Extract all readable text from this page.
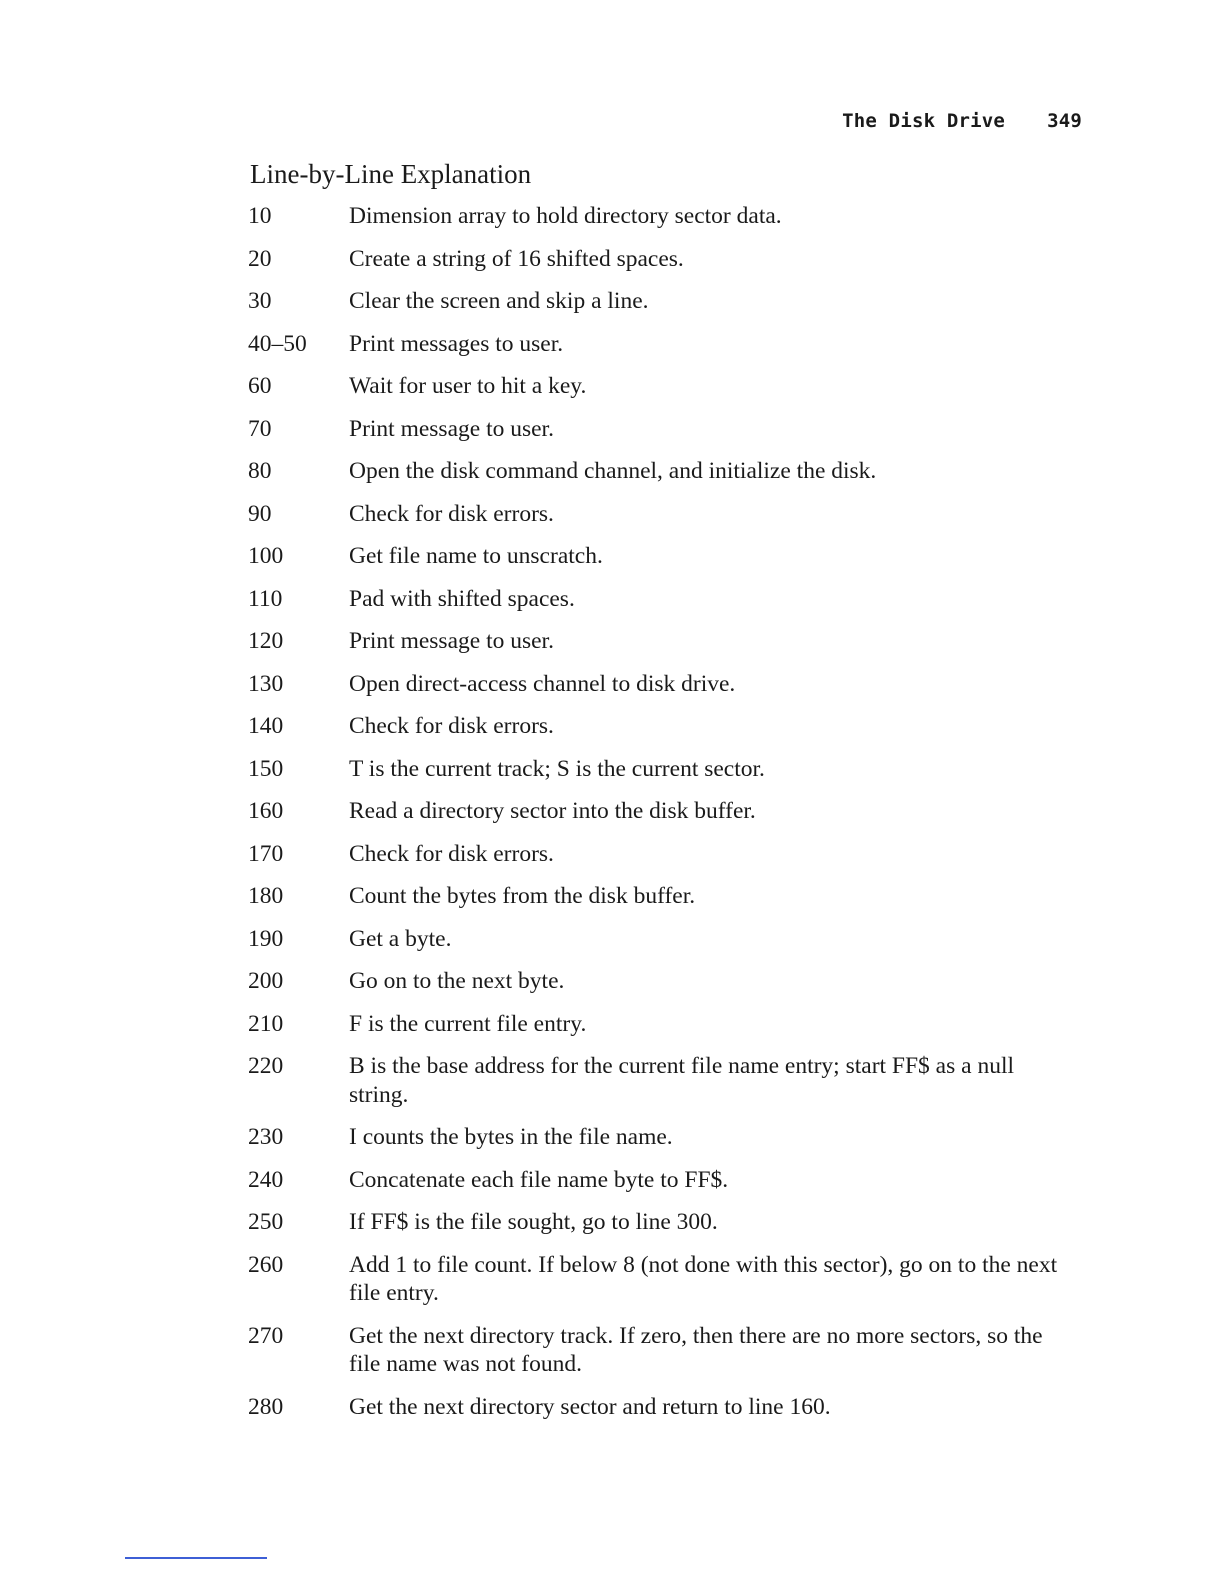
The Disk Drive 349
Line-by-Line Explanation
10	Dimension array to hold directory sector data.
20	Create a string of 16 shifted spaces.
30	Clear the screen and skip a line.
40–50	Print messages to user.
60	Wait for user to hit a key.
70	Print message to user.
80	Open the disk command channel, and initialize the disk.
90	Check for disk errors.
100	Get file name to unscratch.
110	Pad with shifted spaces.
120	Print message to user.
130	Open direct-access channel to disk drive.
140	Check for disk errors.
150	T is the current track; S is the current sector.
160	Read a directory sector into the disk buffer.
170	Check for disk errors.
180	Count the bytes from the disk buffer.
190	Get a byte.
200	Go on to the next byte.
210	F is the current file entry.
220	B is the base address for the current file name entry; start FF$ as a null string.
230	I counts the bytes in the file name.
240	Concatenate each file name byte to FF$.
250	If FF$ is the file sought, go to line 300.
260	Add 1 to file count. If below 8 (not done with this sector), go on to the next file entry.
270	Get the next directory track. If zero, then there are no more sectors, so the file name was not found.
280	Get the next directory sector and return to line 160.
